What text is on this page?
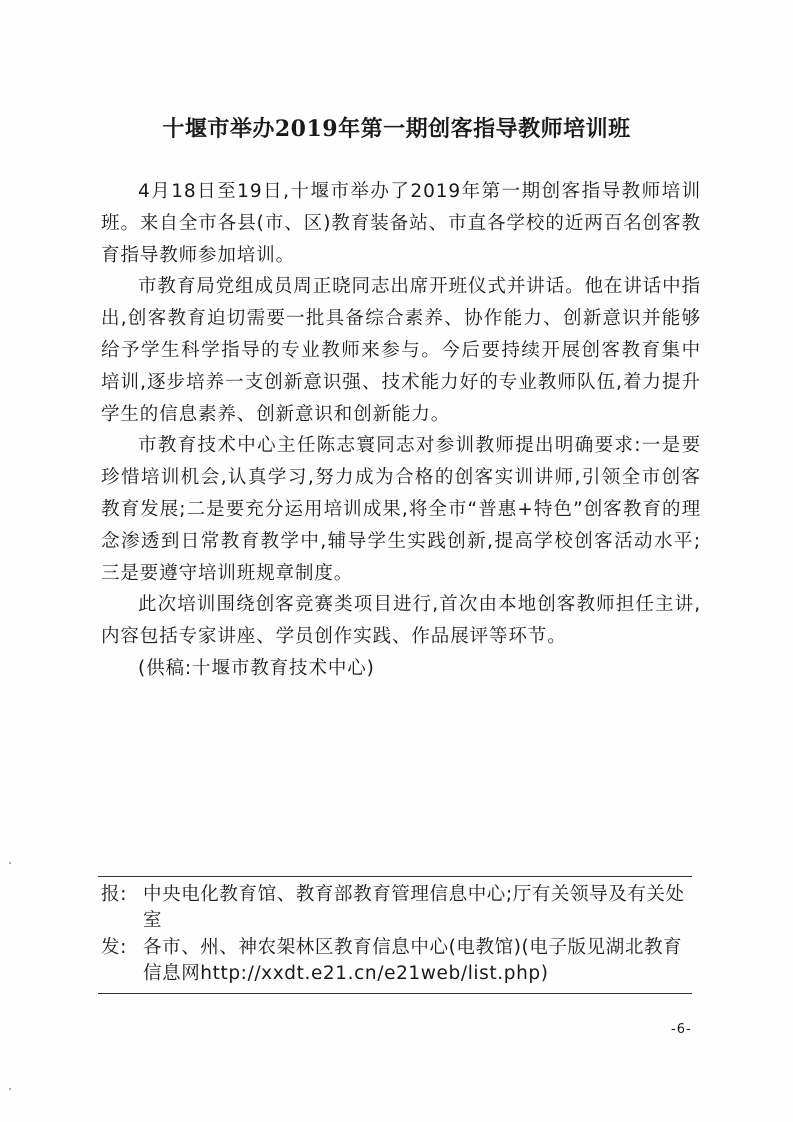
十堰市举办2019年第一期创客指导教师培训班

4月18日至19日,十堰市举办了2019年第一期创客指导教师培训班。来自全市各县(市、区)教育装备站、市直各学校的近两百名创客教育指导教师参加培训。

市教育局党组成员周正晓同志出席开班仪式并讲话。他在讲话中指出,创客教育迫切需要一批具备综合素养、协作能力、创新意识并能够给予学生科学指导的专业教师来参与。今后要持续开展创客教育集中培训,逐步培养一支创新意识强、技术能力好的专业教师队伍,着力提升学生的信息素养、创新意识和创新能力。

市教育技术中心主任陈志寰同志对参训教师提出明确要求:一是要珍惜培训机会,认真学习,努力成为合格的创客实训讲师,引领全市创客教育发展;二是要充分运用培训成果,将全市“普惠+特色”创客教育的理念渗透到日常教育教学中,辅导学生实践创新,提高学校创客活动水平;三是要遵守培训班规章制度。

此次培训围绕创客竞赛类项目进行,首次由本地创客教师担任主讲,内容包括专家讲座、学员创作实践、作品展评等环节。

(供稿:十堰市教育技术中心)
报: 中央电化教育馆、教育部教育管理信息中心;厅有关领导及有关处室
发: 各市、州、神农架林区教育信息中心(电教馆)(电子版见湖北教育信息网http://xxdt.e21.cn/e21web/list.php)
-6-
